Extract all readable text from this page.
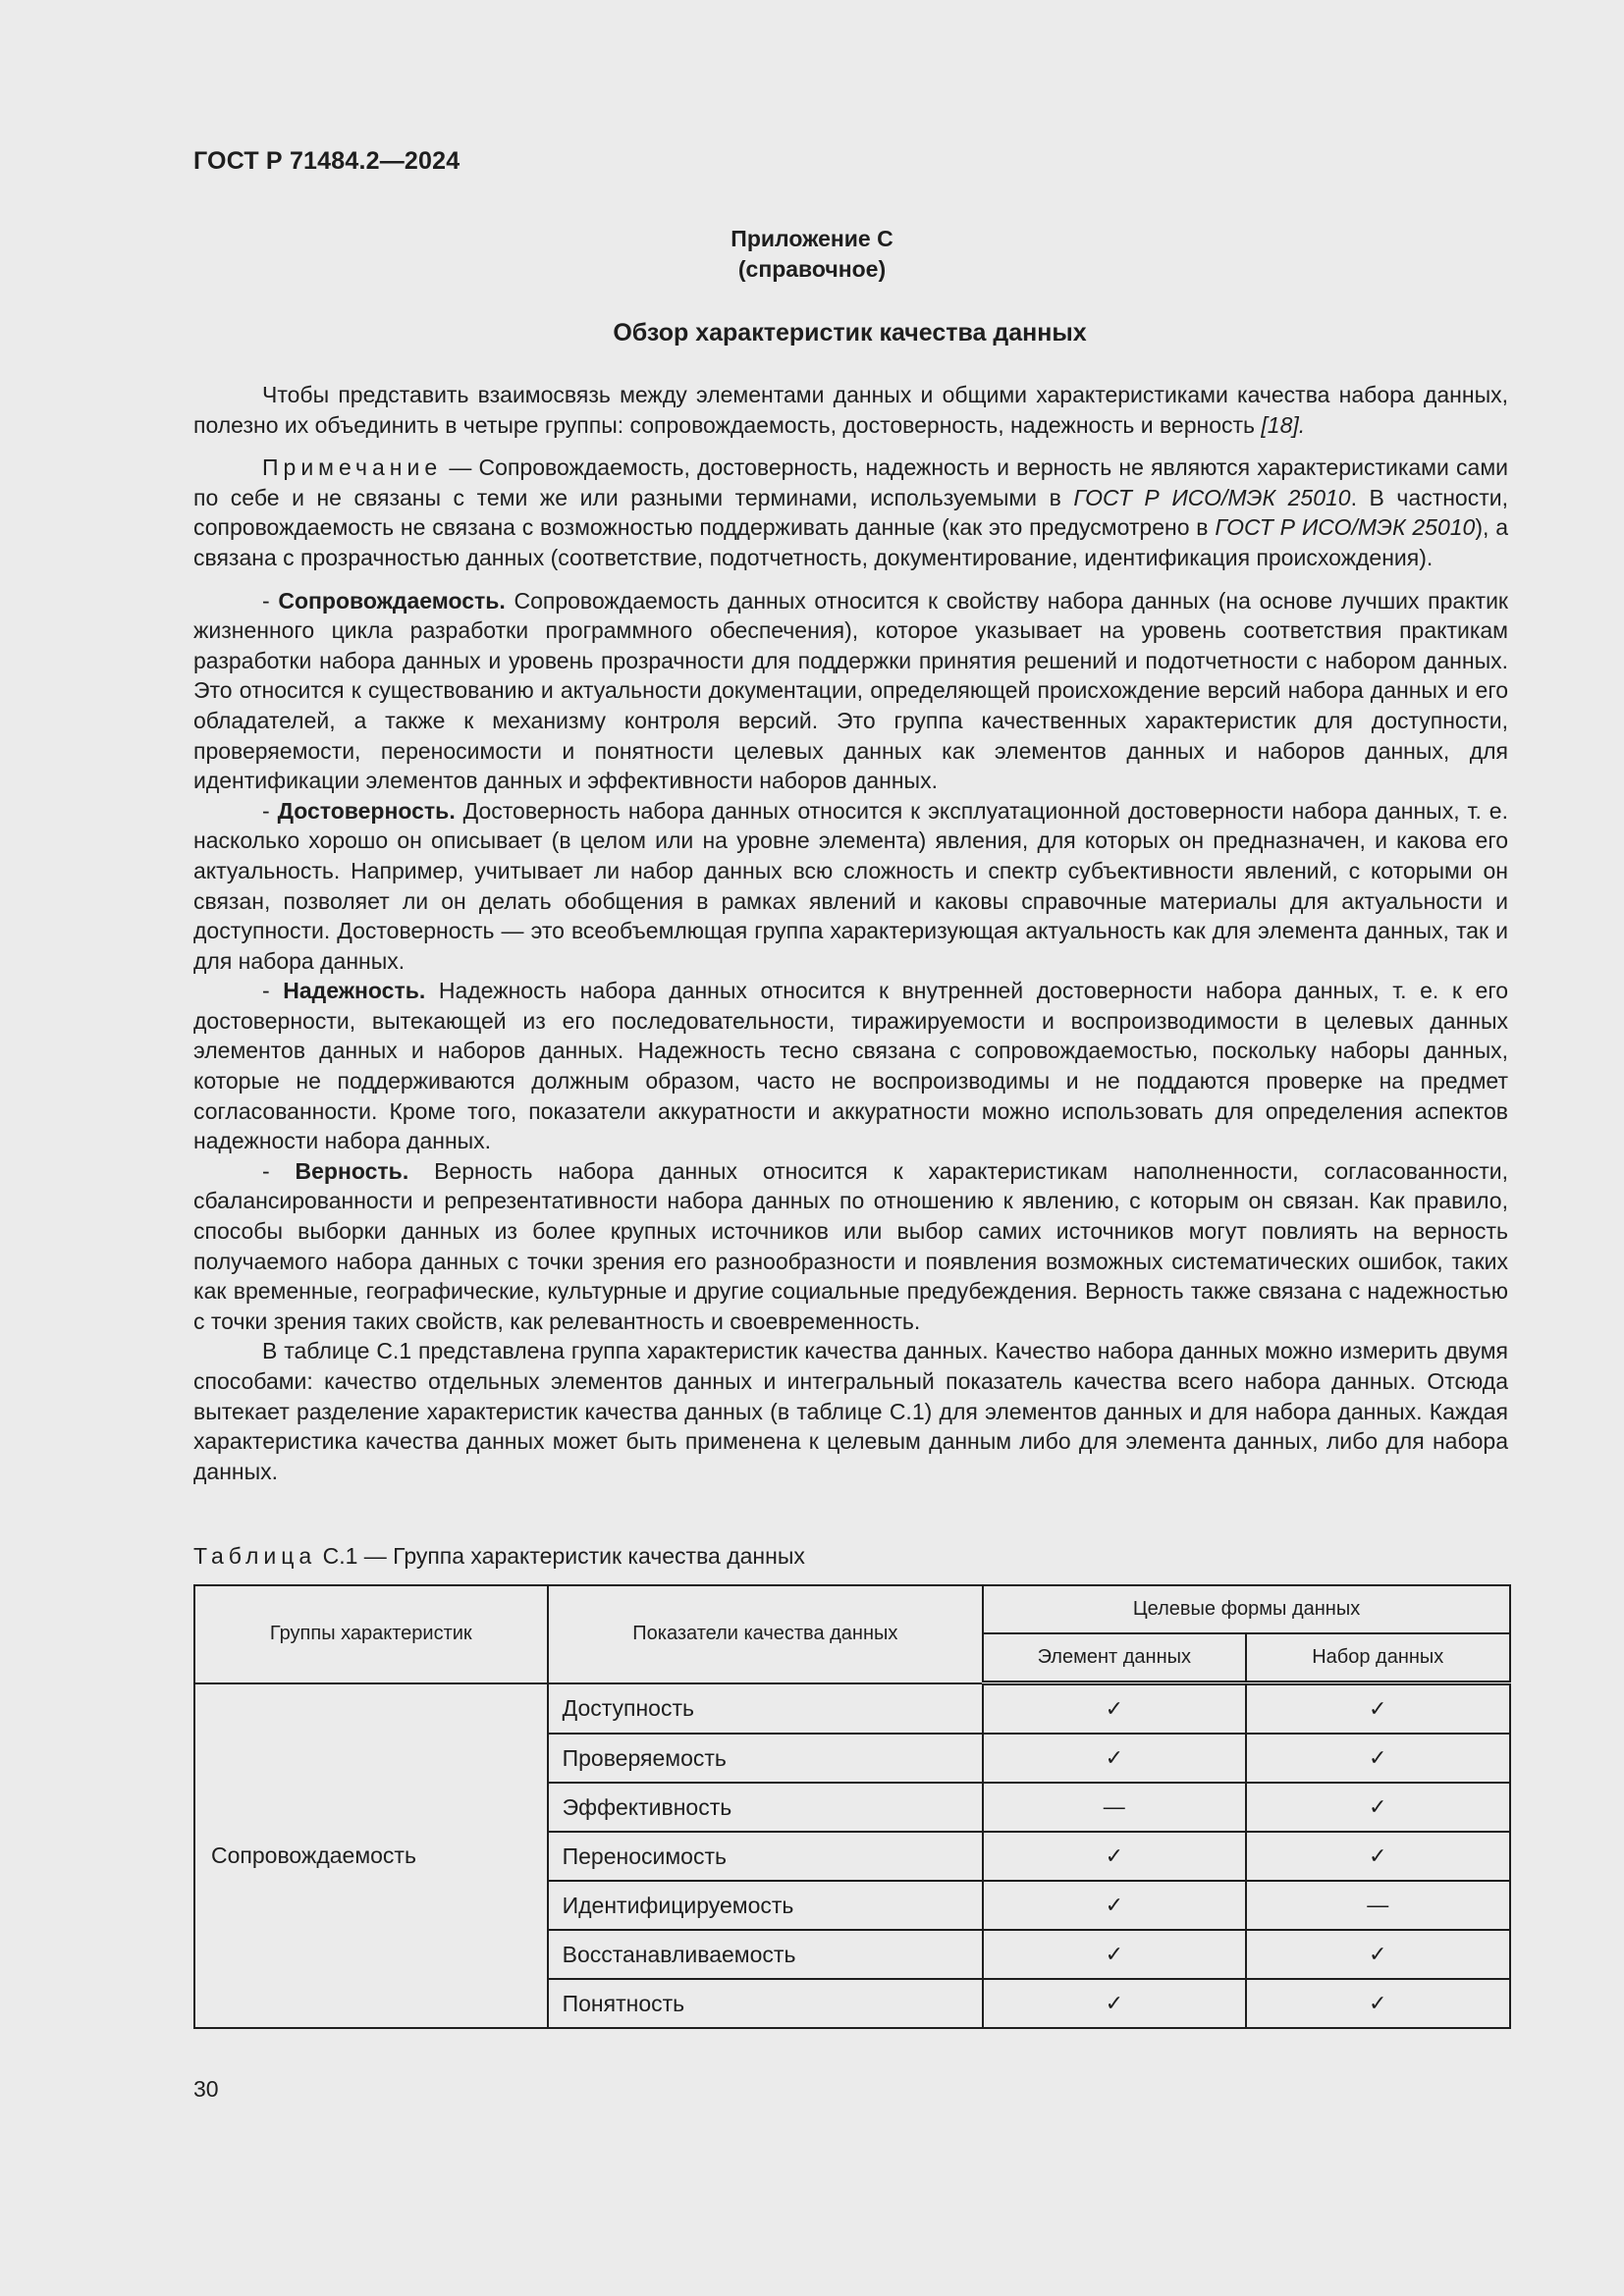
ГОСТ Р 71484.2—2024
Приложение С
(справочное)
Обзор характеристик качества данных

Чтобы представить взаимосвязь между элементами данных и общими характеристиками качества набора данных, полезно их объединить в четыре группы: сопровождаемость, достоверность, надежность и верность [18].

Примечание — Сопровождаемость, достоверность, надежность и верность не являются характеристиками сами по себе и не связаны с теми же или разными терминами, используемыми в ГОСТ Р ИСО/МЭК 25010. В частности, сопровождаемость не связана с возможностью поддерживать данные (как это предусмотрено в ГОСТ Р ИСО/МЭК 25010), а связана с прозрачностью данных (соответствие, подотчетность, документирование, идентификация происхождения).

- Сопровождаемость. Сопровождаемость данных относится к свойству набора данных (на основе лучших практик жизненного цикла разработки программного обеспечения), которое указывает на уровень соответствия практикам разработки набора данных и уровень прозрачности для поддержки принятия решений и подотчетности с набором данных. Это относится к существованию и актуальности документации, определяющей происхождение версий набора данных и его обладателей, а также к механизму контроля версий. Это группа качественных характеристик для доступности, проверяемости, переносимости и понятности целевых данных как элементов данных и наборов данных, для идентификации элементов данных и эффективности наборов данных.

- Достоверность. Достоверность набора данных относится к эксплуатационной достоверности набора данных, т. е. насколько хорошо он описывает (в целом или на уровне элемента) явления, для которых он предназначен, и какова его актуальность. Например, учитывает ли набор данных всю сложность и спектр субъективности явлений, с которыми он связан, позволяет ли он делать обобщения в рамках явлений и каковы справочные материалы для актуальности и доступности. Достоверность — это всеобъемлющая группа характеризующая актуальность как для элемента данных, так и для набора данных.

- Надежность. Надежность набора данных относится к внутренней достоверности набора данных, т. е. к его достоверности, вытекающей из его последовательности, тиражируемости и воспроизводимости в целевых данных элементов данных и наборов данных. Надежность тесно связана с сопровождаемостью, поскольку наборы данных, которые не поддерживаются должным образом, часто не воспроизводимы и не поддаются проверке на предмет согласованности. Кроме того, показатели аккуратности и аккуратности можно использовать для определения аспектов надежности набора данных.

- Верность. Верность набора данных относится к характеристикам наполненности, согласованности, сбалансированности и репрезентативности набора данных по отношению к явлению, с которым он связан. Как правило, способы выборки данных из более крупных источников или выбор самих источников могут повлиять на верность получаемого набора данных с точки зрения его разнообразности и появления возможных систематических ошибок, таких как временные, географические, культурные и другие социальные предубеждения. Верность также связана с надежностью с точки зрения таких свойств, как релевантность и своевременность.

В таблице С.1 представлена группа характеристик качества данных. Качество набора данных можно измерить двумя способами: качество отдельных элементов данных и интегральный показатель качества всего набора данных. Отсюда вытекает разделение характеристик качества данных (в таблице С.1) для элементов данных и для набора данных. Каждая характеристика качества данных может быть применена к целевым данным либо для элемента данных, либо для набора данных.

Таблица С.1 — Группа характеристик качества данных
Группы характеристик	Показатели качества данных	Целевые формы данных	
		Элемент данных	Набор данных
Сопровождаемость	Доступность	✓	✓
	Проверяемость	✓	✓
	Эффективность	—	✓
	Переносимость	✓	✓
	Идентифицируемость	✓	—
	Восстанавливаемость	✓	✓
	Понятность	✓	✓
30
